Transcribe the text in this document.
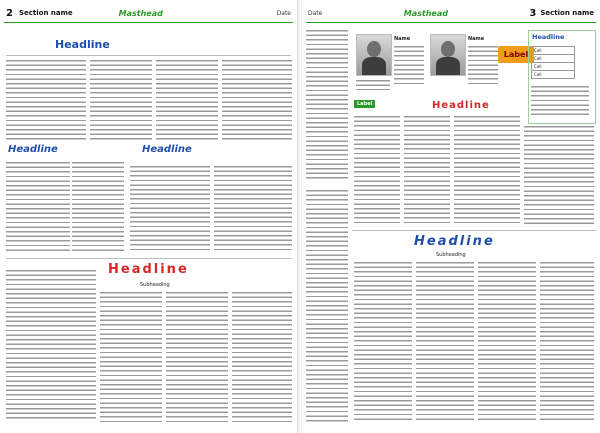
2 Section name	Masthead	Date
Headline
Headline	Headline
Headline
Subheading
Date	Masthead	3 Section name
Name	Name
Label
Headline
Cell
Cell
Cell
Cell
Label	Headline
Headline
Subheading
